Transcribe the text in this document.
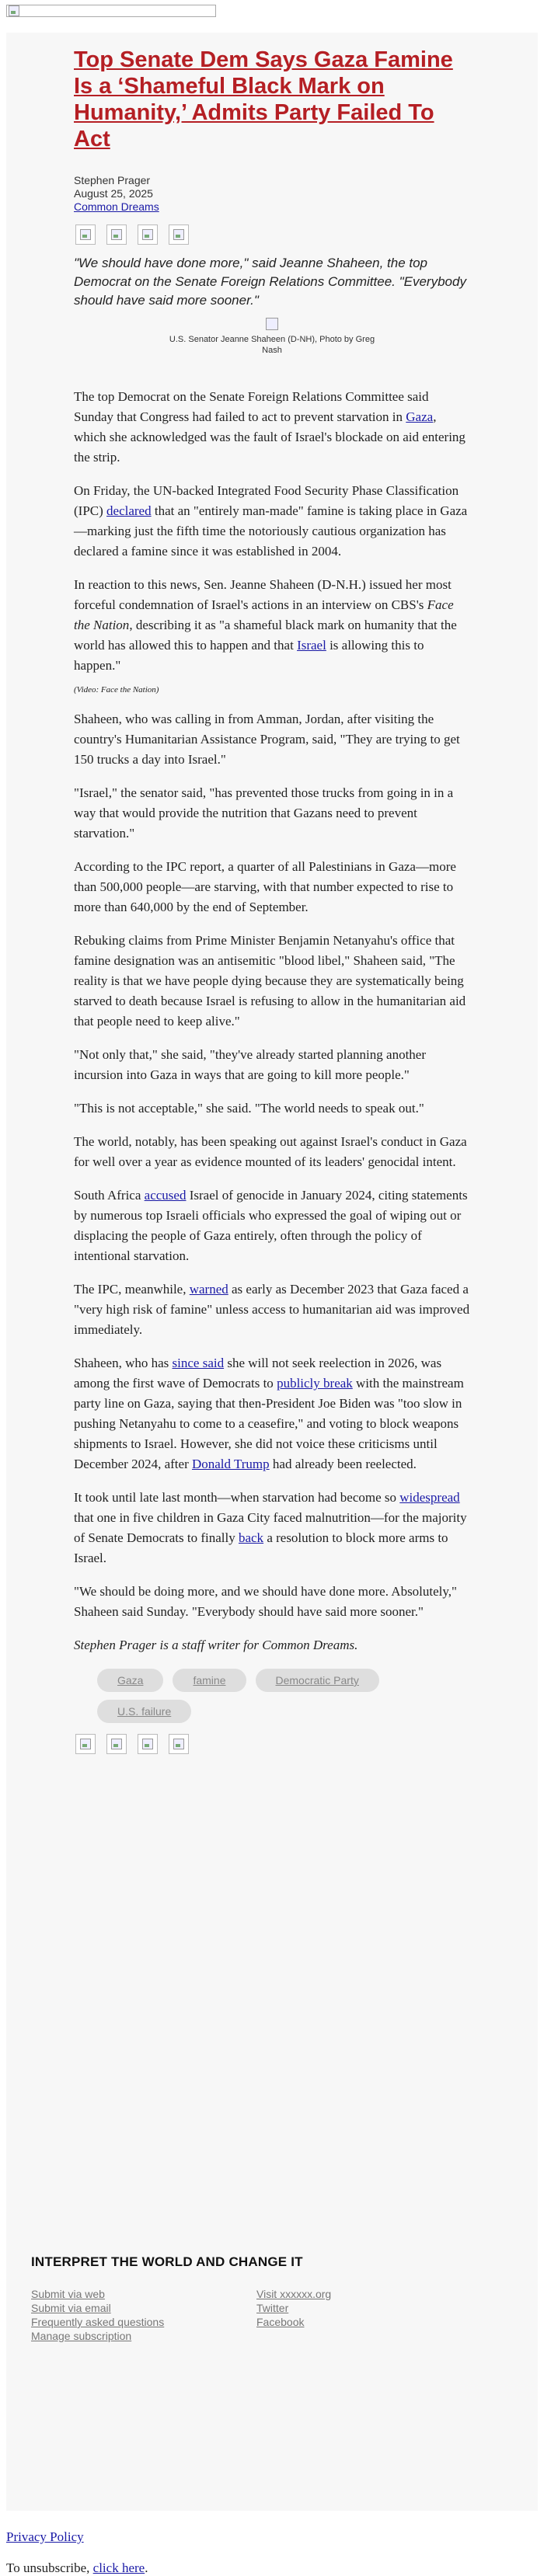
Top Senate Dem Says Gaza Famine Is a ‘Shameful Black Mark on Humanity,’ Admits Party Failed To Act
Stephen Prager
August 25, 2025
Common Dreams
"We should have done more," said Jeanne Shaheen, the top Democrat on the Senate Foreign Relations Committee. "Everybody should have said more sooner."
U.S. Senator Jeanne Shaheen (D-NH), Photo by Greg Nash

The top Democrat on the Senate Foreign Relations Committee said Sunday that Congress had failed to act to prevent starvation in Gaza, which she acknowledged was the fault of Israel's blockade on aid entering the strip.

On Friday, the UN-backed Integrated Food Security Phase Classification (IPC) declared that an "entirely man-made" famine is taking place in Gaza—marking just the fifth time the notoriously cautious organization has declared a famine since it was established in 2004.

In reaction to this news, Sen. Jeanne Shaheen (D-N.H.) issued her most forceful condemnation of Israel's actions in an interview on CBS's Face the Nation, describing it as "a shameful black mark on humanity that the world has allowed this to happen and that Israel is allowing this to happen."

(Video: Face the Nation)

Shaheen, who was calling in from Amman, Jordan, after visiting the country's Humanitarian Assistance Program, said, "They are trying to get 150 trucks a day into Israel."

"Israel," the senator said, "has prevented those trucks from going in in a way that would provide the nutrition that Gazans need to prevent starvation."

According to the IPC report, a quarter of all Palestinians in Gaza—more than 500,000 people—are starving, with that number expected to rise to more than 640,000 by the end of September.

Rebuking claims from Prime Minister Benjamin Netanyahu's office that famine designation was an antisemitic "blood libel," Shaheen said, "The reality is that we have people dying because they are systematically being starved to death because Israel is refusing to allow in the humanitarian aid that people need to keep alive."

"Not only that," she said, "they've already started planning another incursion into Gaza in ways that are going to kill more people."

"This is not acceptable," she said. "The world needs to speak out."

The world, notably, has been speaking out against Israel's conduct in Gaza for well over a year as evidence mounted of its leaders' genocidal intent.

South Africa accused Israel of genocide in January 2024, citing statements by numerous top Israeli officials who expressed the goal of wiping out or displacing the people of Gaza entirely, often through the policy of intentional starvation.

The IPC, meanwhile, warned as early as December 2023 that Gaza faced a "very high risk of famine" unless access to humanitarian aid was improved immediately.

Shaheen, who has since said she will not seek reelection in 2026, was among the first wave of Democrats to publicly break with the mainstream party line on Gaza, saying that then-President Joe Biden was "too slow in pushing Netanyahu to come to a ceasefire," and voting to block weapons shipments to Israel. However, she did not voice these criticisms until December 2024, after Donald Trump had already been reelected.

It took until late last month—when starvation had become so widespread that one in five children in Gaza City faced malnutrition—for the majority of Senate Democrats to finally back a resolution to block more arms to Israel.

"We should be doing more, and we should have done more. Absolutely," Shaheen said Sunday. "Everybody should have said more sooner."

Stephen Prager is a staff writer for Common Dreams.

Gaza	famine	Democratic Party
U.S. failure
INTERPRET THE WORLD AND CHANGE IT
Submit via web
Submit via email
Frequently asked questions
Manage subscription
Visit xxxxxx.org
Twitter
Facebook
Privacy Policy
To unsubscribe, click here.
